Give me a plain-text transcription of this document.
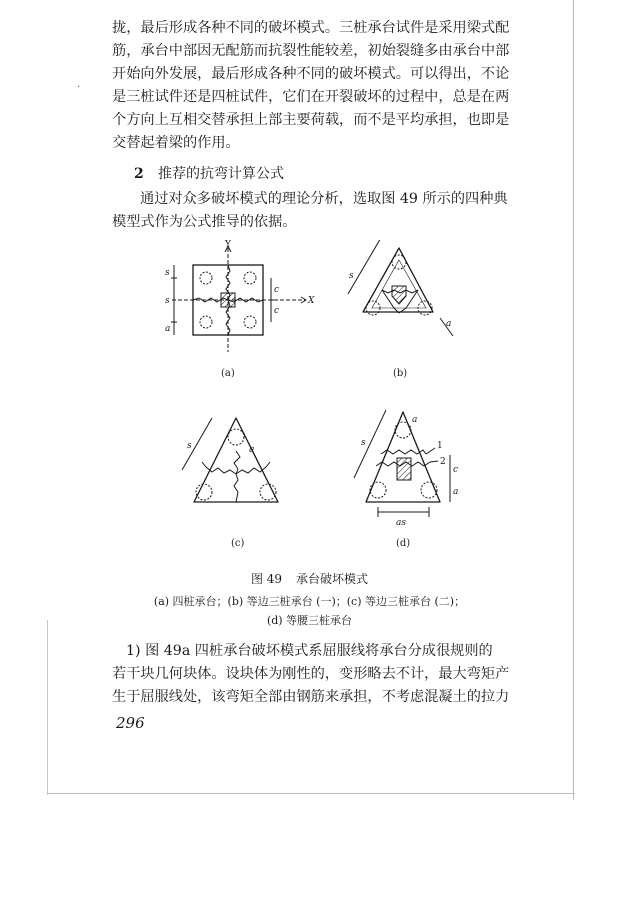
·

拢，最后形成各种不同的破坏模式。三桩承台试件是采用梁式配
筋，承台中部因无配筋而抗裂性能较差，初始裂缝多由承台中部
开始向外发展，最后形成各种不同的破坏模式。可以得出，不论
是三桩试件还是四桩试件，它们在开裂破坏的过程中，总是在两
个方向上互相交替承担上部主要荷载，而不是平均承担，也即是
交替起着梁的作用。

2 推荐的抗弯计算公式

通过对众多破坏模式的理论分析，选取图 49 所示的四种典
模型式作为公式推导的依据。

Y
X
s
s
a
c
c
s
a
s	a
s
a
c
a
as
1
2
(a)	(b)
(c)	(d)
图 49 承台破坏模式
(a) 四桩承台；(b) 等边三桩承台 (一)；(c) 等边三桩承台 (二)；
(d) 等腰三桩承台

1) 图 49a 四桩承台破坏模式系屈服线将承台分成很规则的
若干块几何块体。设块体为刚性的，变形略去不计，最大弯矩产
生于屈服线处，该弯矩全部由钢筋来承担，不考虑混凝土的拉力

296
